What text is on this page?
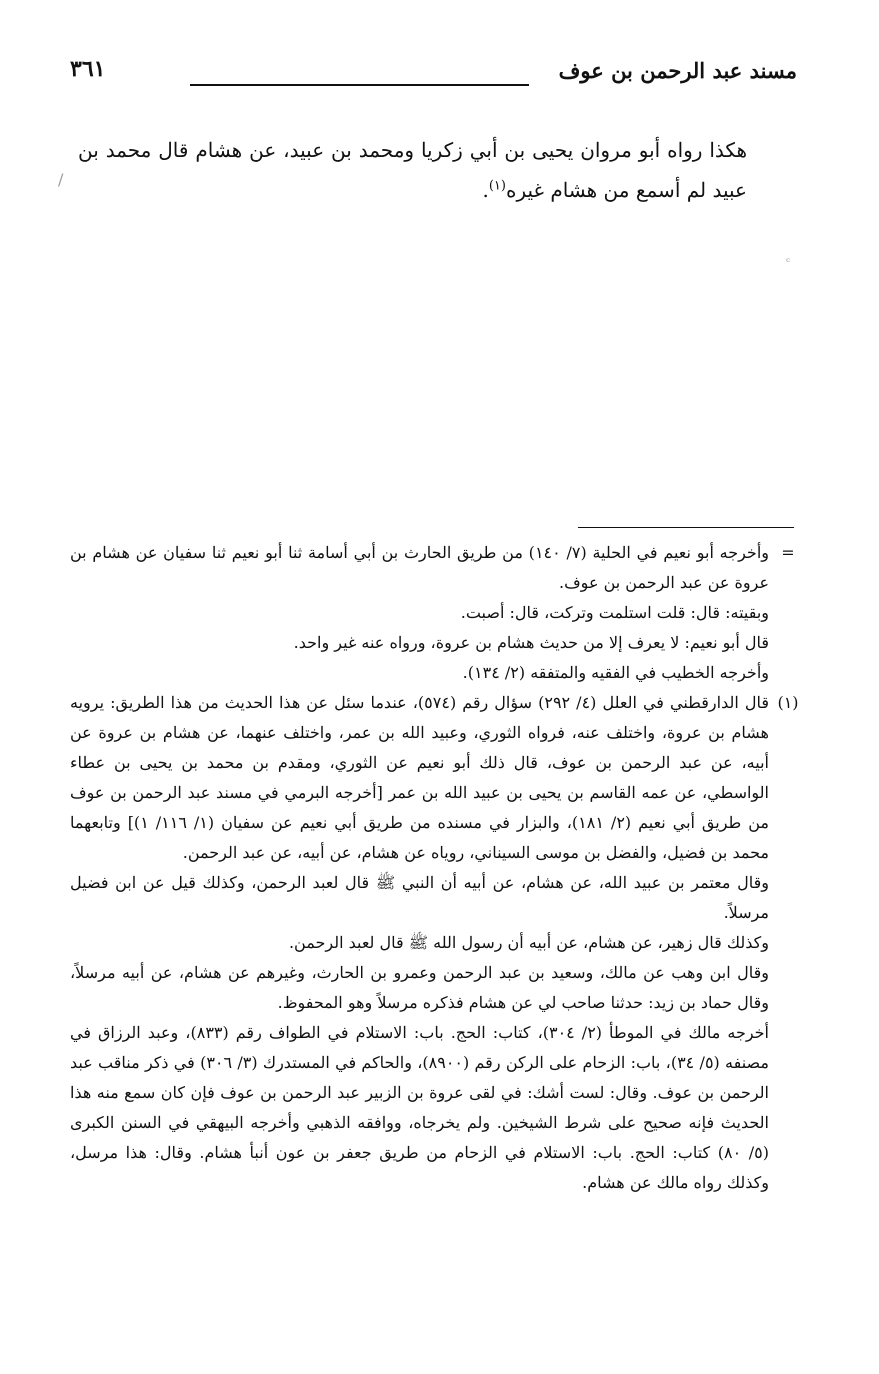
مسند عبد الرحمن بن عوف
٣٦١

هكذا رواه أبو مروان يحيى بن أبي زكريا ومحمد بن عبيد، عن هشام قال محمد بن عبيد لم أسمع من هشام غيره$^{(١)}$.

/
ᶜ
=

وأخرجه أبو نعيم في الحلية (٧/ ١٤٠) من طريق الحارث بن أبي أسامة ثنا أبو نعيم ثنا سفيان عن هشام بن عروة عن عبد الرحمن بن عوف.

وبقيته: قال: قلت استلمت وتركت، قال: أصبت.

قال أبو نعيم: لا يعرف إلا من حديث هشام بن عروة، ورواه عنه غير واحد.

وأخرجه الخطيب في الفقيه والمتفقه (٢/ ١٣٤).

(١)

قال الدارقطني في العلل (٤/ ٢٩٢) سؤال رقم (٥٧٤)، عندما سئل عن هذا الحديث من هذا الطريق: يرويه هشام بن عروة، واختلف عنه، فرواه الثوري، وعبيد الله بن عمر، واختلف عنهما، عن هشام بن عروة عن أبيه، عن عبد الرحمن بن عوف، قال ذلك أبو نعيم عن الثوري، ومقدم بن محمد بن يحيى بن عطاء الواسطي، عن عمه القاسم بن يحيى بن عبيد الله بن عمر [أخرجه البرمي في مسند عبد الرحمن بن عوف من طريق أبي نعيم (٢/ ١٨١)، والبزار في مسنده من طريق أبي نعيم عن سفيان (١/ ١١٦/ ١)] وتابعهما محمد بن فضيل، والفضل بن موسى السيناني، روياه عن هشام، عن أبيه، عن عبد الرحمن.

وقال معتمر بن عبيد الله، عن هشام، عن أبيه أن النبي ﷺ قال لعبد الرحمن، وكذلك قيل عن ابن فضيل مرسلاً.

وكذلك قال زهير، عن هشام، عن أبيه أن رسول الله ﷺ قال لعبد الرحمن.

وقال ابن وهب عن مالك، وسعيد بن عبد الرحمن وعمرو بن الحارث، وغيرهم عن هشام، عن أبيه مرسلاً، وقال حماد بن زيد: حدثنا صاحب لي عن هشام فذكره مرسلاً وهو المحفوظ.

أخرجه مالك في الموطأ (٢/ ٣٠٤)، كتاب: الحج. باب: الاستلام في الطواف رقم (٨٣٣)، وعبد الرزاق في مصنفه (٥/ ٣٤)، باب: الزحام على الركن رقم (٨٩٠٠)، والحاكم في المستدرك (٣/ ٣٠٦) في ذكر مناقب عبد الرحمن بن عوف. وقال: لست أشك: في لقى عروة بن الزبير عبد الرحمن بن عوف فإن كان سمع منه هذا الحديث فإنه صحيح على شرط الشيخين. ولم يخرجاه، ووافقه الذهبي وأخرجه البيهقي في السنن الكبرى (٥/ ٨٠) كتاب: الحج. باب: الاستلام في الزحام من طريق جعفر بن عون أنبأ هشام. وقال: هذا مرسل، وكذلك رواه مالك عن هشام.
